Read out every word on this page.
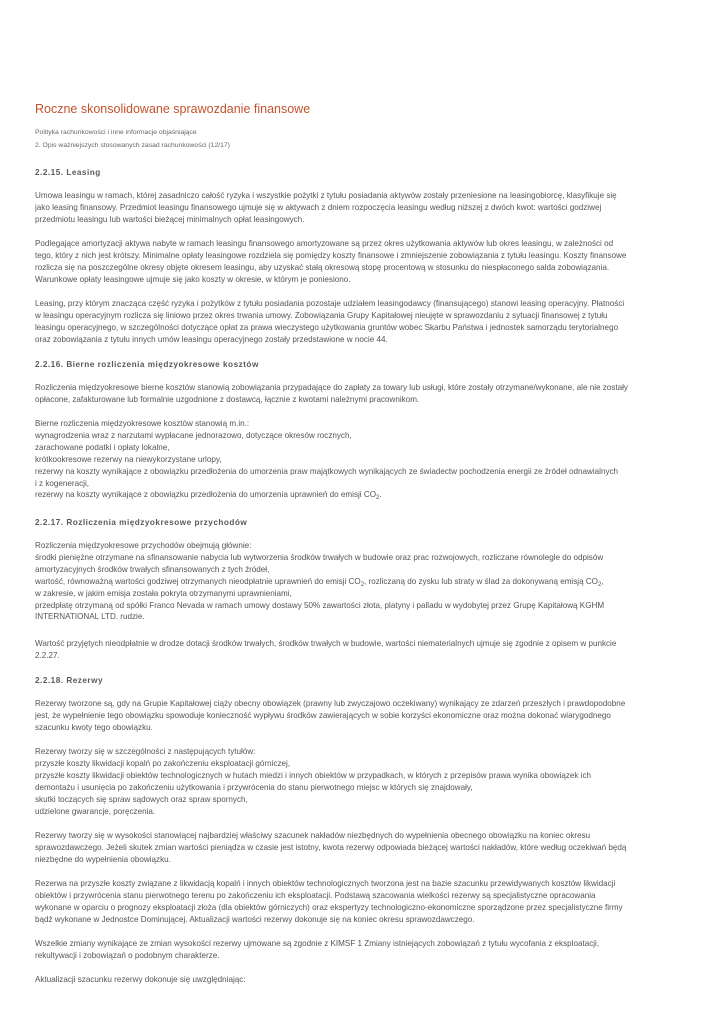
Roczne skonsolidowane sprawozdanie finansowe
Polityka rachunkowości i inne informacje objaśniające
2. Opis ważniejszych stosowanych zasad rachunkowości (12/17)
2.2.15. Leasing
Umowa leasingu w ramach, której zasadniczo całość ryzyka i wszystkie pożytki z tytułu posiadania aktywów zostały przeniesione na leasingobiorcę, klasyfikuje się
jako leasing finansowy. Przedmiot leasingu finansowego ujmuje się w aktywach z dniem rozpoczęcia leasingu według niższej z dwóch kwot: wartości godziwej
przedmiotu leasingu lub wartości bieżącej minimalnych opłat leasingowych.
Podlegające amortyzacji aktywa nabyte w ramach leasingu finansowego amortyzowane są przez okres użytkowania aktywów lub okres leasingu, w zależności od
tego, który z nich jest krótszy. Minimalne opłaty leasingowe rozdziela się pomiędzy koszty finansowe i zmniejszenie zobowiązania z tytułu leasingu. Koszty finansowe
rozlicza się na poszczególne okresy objęte okresem leasingu, aby uzyskać stałą okresową stopę procentową w stosunku do niespłaconego salda zobowiązania.
Warunkowe opłaty leasingowe ujmuje się jako koszty w okresie, w którym je poniesiono.
Leasing, przy którym znacząca część ryzyka i pożytków z tytułu posiadania pozostaje udziałem leasingodawcy (finansującego) stanowi leasing operacyjny. Płatności
w leasingu operacyjnym rozlicza się liniowo przez okres trwania umowy. Zobowiązania Grupy Kapitałowej nieujęte w sprawozdaniu z sytuacji finansowej z tytułu
leasingu operacyjnego, w szczególności dotyczące opłat za prawa wieczystego użytkowania gruntów wobec Skarbu Państwa i jednostek samorządu terytorialnego
oraz zobowiązania z tytułu innych umów leasingu operacyjnego zostały przedstawione w nocie 44.
2.2.16. Bierne rozliczenia międzyokresowe kosztów
Rozliczenia międzyokresowe bierne kosztów stanowią zobowiązania przypadające do zapłaty za towary lub usługi, które zostały otrzymane/wykonane, ale nie zostały
opłacone, zafakturowane lub formalnie uzgodnione z dostawcą, łącznie z kwotami należnymi pracownikom.
Bierne rozliczenia międzyokresowe kosztów stanowią m.in.:
wynagrodzenia wraz z narzutami wypłacane jednorazowo, dotyczące okresów rocznych,
zarachowane podatki i opłaty lokalne,
krótkookresowe rezerwy na niewykorzystane urlopy,
rezerwy na koszty wynikające z obowiązku przedłożenia do umorzenia praw majątkowych wynikających ze świadectw pochodzenia energii ze źródeł odnawialnych
i z kogeneracji,
rezerwy na koszty wynikające z obowiązku przedłożenia do umorzenia uprawnień do emisji $CO_2$.
2.2.17. Rozliczenia międzyokresowe przychodów
Rozliczenia międzyokresowe przychodów obejmują głównie:
środki pieniężne otrzymane na sfinansowanie nabycia lub wytworzenia środków trwałych w budowie oraz prac rozwojowych, rozliczane równolegle do odpisów
amortyzacyjnych środków trwałych sfinansowanych z tych źródeł,
wartość, równoważną wartości godziwej otrzymanych nieodpłatnie uprawnień do emisji $CO_2$, rozliczaną do zysku lub straty w ślad za dokonywaną emisją $CO_2$,
w zakresie, w jakim emisja została pokryta otrzymanymi uprawnieniami,
przedpłatę otrzymaną od spółki Franco Nevada w ramach umowy dostawy 50% zawartości złota, platyny i palladu w wydobytej przez Grupę Kapitałową KGHM
INTERNATIONAL LTD. rudzie.
Wartość przyjętych nieodpłatnie w drodze dotacji środków trwałych, środków trwałych w budowie, wartości niematerialnych ujmuje się zgodnie z opisem w punkcie
2.2.27.
2.2.18. Rezerwy
Rezerwy tworzone są, gdy na Grupie Kapitałowej ciąży obecny obowiązek (prawny lub zwyczajowo oczekiwany) wynikający ze zdarzeń przeszłych i prawdopodobne
jest, że wypełnienie tego obowiązku spowoduje konieczność wypływu środków zawierających w sobie korzyści ekonomiczne oraz można dokonać wiarygodnego
szacunku kwoty tego obowiązku.
Rezerwy tworzy się w szczególności z następujących tytułów:
przyszłe koszty likwidacji kopalń po zakończeniu eksploatacji górniczej,
przyszłe koszty likwidacji obiektów technologicznych w hutach miedzi i innych obiektów w przypadkach, w których z przepisów prawa wynika obowiązek ich
demontażu i usunięcia po zakończeniu użytkowania i przywrócenia do stanu pierwotnego miejsc w których się znajdowały,
skutki toczących się spraw sądowych oraz spraw spornych,
udzielone gwarancje, poręczenia.
Rezerwy tworzy się w wysokości stanowiącej najbardziej właściwy szacunek nakładów niezbędnych do wypełnienia obecnego obowiązku na koniec okresu
sprawozdawczego. Jeżeli skutek zmian wartości pieniądza w czasie jest istotny, kwota rezerwy odpowiada bieżącej wartości nakładów, które według oczekiwań będą
niezbędne do wypełnienia obowiązku.
Rezerwa na przyszłe koszty związane z likwidacją kopalń i innych obiektów technologicznych tworzona jest na bazie szacunku przewidywanych kosztów likwidacji
obiektów i przywrócenia stanu pierwotnego terenu po zakończeniu ich eksploatacji. Podstawą szacowania wielkości rezerwy są specjalistyczne opracowania
wykonane w oparciu o prognozy eksploatacji złoża (dla obiektów górniczych) oraz ekspertyzy technologiczno-ekonomiczne sporządzone przez specjalistyczne firmy
bądź wykonane w Jednostce Dominującej. Aktualizacji wartości rezerwy dokonuje się na koniec okresu sprawozdawczego.
Wszelkie zmiany wynikające ze zmian wysokości rezerwy ujmowane są zgodnie z KIMSF 1 Zmiany istniejących zobowiązań z tytułu wycofania z eksploatacji,
rekultywacji i zobowiązań o podobnym charakterze.
Aktualizacji szacunku rezerwy dokonuje się uwzględniając:
